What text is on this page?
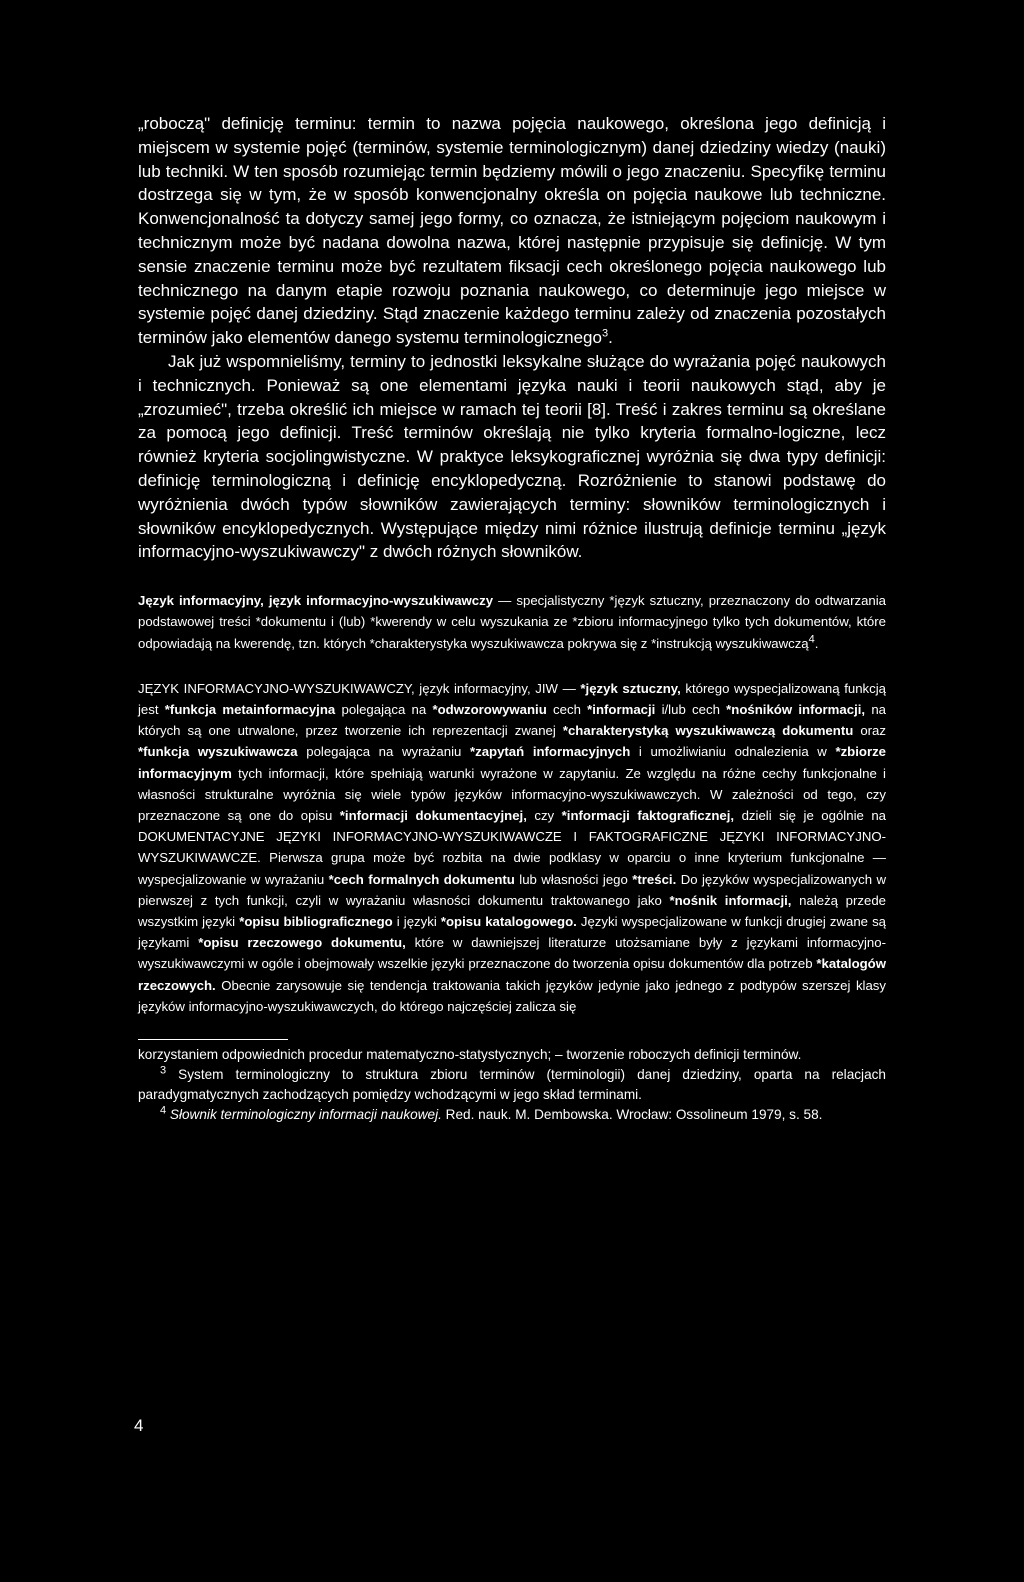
„roboczą" definicję terminu: termin to nazwa pojęcia naukowego, określona jego definicją i miejscem w systemie pojęć (terminów, systemie terminologicznym) danej dziedziny wiedzy (nauki) lub techniki. W ten sposób rozumiejąc termin będziemy mówili o jego znaczeniu. Specyfikę terminu dostrzega się w tym, że w sposób konwencjonalny określa on pojęcia naukowe lub techniczne. Konwencjonalność ta dotyczy samej jego formy, co oznacza, że istniejącym pojęciom naukowym i technicznym może być nadana dowolna nazwa, której następnie przypisuje się definicję. W tym sensie znaczenie terminu może być rezultatem fiksacji cech określonego pojęcia naukowego lub technicznego na danym etapie rozwoju poznania naukowego, co determinuje jego miejsce w systemie pojęć danej dziedziny. Stąd znaczenie każdego terminu zależy od znaczenia pozostałych terminów jako elementów danego systemu terminologicznego$^3$.

Jak już wspomnieliśmy, terminy to jednostki leksykalne służące do wyrażania pojęć naukowych i technicznych. Ponieważ są one elementami języka nauki i teorii naukowych stąd, aby je „zrozumieć", trzeba określić ich miejsce w ramach tej teorii [8]. Treść i zakres terminu są określane za pomocą jego definicji. Treść terminów określają nie tylko kryteria formalno-logiczne, lecz również kryteria socjolingwistyczne. W praktyce leksykograficznej wyróżnia się dwa typy definicji: definicję terminologiczną i definicję encyklopedyczną. Rozróżnienie to stanowi podstawę do wyróżnienia dwóch typów słowników zawierających terminy: słowników terminologicznych i słowników encyklopedycznych. Występujące między nimi różnice ilustrują definicje terminu „język informacyjno-wyszukiwawczy" z dwóch różnych słowników.

Język informacyjny, język informacyjno-wyszukiwawczy — specjalistyczny *język sztuczny, przeznaczony do odtwarzania podstawowej treści *dokumentu i (lub) *kwerendy w celu wyszukania ze *zbioru informacyjnego tylko tych dokumentów, które odpowiadają na kwerendę, tzn. których *charakterystyka wyszukiwawcza pokrywa się z *instrukcją wyszukiwawczą$^4$.
JĘZYK INFORMACYJNO-WYSZUKIWAWCZY, język informacyjny, JIW — *język sztuczny, którego wyspecjalizowaną funkcją jest *funkcja metainformacyjna polegająca na *odwzorowywaniu cech *informacji i/lub cech *nośników informacji, na których są one utrwalone, przez tworzenie ich reprezentacji zwanej *charakterystyką wyszukiwawczą dokumentu oraz *funkcja wyszukiwawcza polegająca na wyrażaniu *zapytań informacyjnych i umożliwianiu odnalezienia w *zbiorze informacyjnym tych informacji, które spełniają warunki wyrażone w zapytaniu. Ze względu na różne cechy funkcjonalne i własności strukturalne wyróżnia się wiele typów języków informacyjno-wyszukiwawczych. W zależności od tego, czy przeznaczone są one do opisu *informacji dokumentacyjnej, czy *informacji faktograficznej, dzieli się je ogólnie na DOKUMENTACYJNE JĘZYKI INFORMACYJNO-WYSZUKIWAWCZE I FAKTOGRAFICZNE JĘZYKI INFORMACYJNO-WYSZUKIWAWCZE. Pierwsza grupa może być rozbita na dwie podklasy w oparciu o inne kryterium funkcjonalne — wyspecjalizowanie w wyrażaniu *cech formalnych dokumentu lub własności jego *treści. Do języków wyspecjalizowanych w pierwszej z tych funkcji, czyli w wyrażaniu własności dokumentu traktowanego jako *nośnik informacji, należą przede wszystkim języki *opisu bibliograficznego i języki *opisu katalogowego. Języki wyspecjalizowane w funkcji drugiej zwane są językami *opisu rzeczowego dokumentu, które w dawniejszej literaturze utożsamiane były z językami informacyjno-wyszukiwawczymi w ogóle i obejmowały wszelkie języki przeznaczone do tworzenia opisu dokumentów dla potrzeb *katalogów rzeczowych. Obecnie zarysowuje się tendencja traktowania takich języków jedynie jako jednego z podtypów szerszej klasy języków informacyjno-wyszukiwawczych, do którego najczęściej zalicza się

korzystaniem odpowiednich procedur matematyczno-statystycznych; – tworzenie roboczych definicji terminów.

$^3$ System terminologiczny to struktura zbioru terminów (terminologii) danej dziedziny, oparta na relacjach paradygmatycznych zachodzących pomiędzy wchodzącymi w jego skład terminami.

$^4$ Słownik terminologiczny informacji naukowej. Red. nauk. M. Dembowska. Wrocław: Ossolineum 1979, s. 58.

4
